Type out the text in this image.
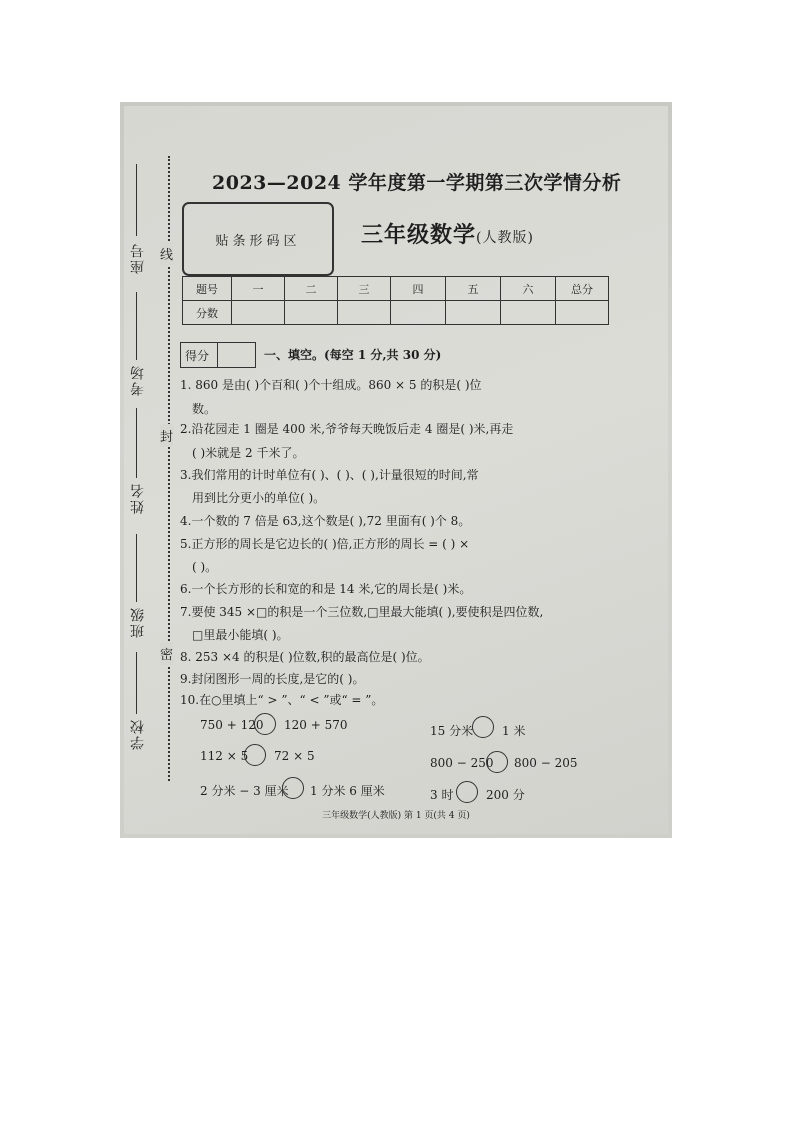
座号
考场
姓名
班级
学校
线
封
密
2023—2024 学年度第一学期第三次学情分析
贴条形码区	三年级数学(人教版)
题号	一	二	三	四	五	六	总分
分数							
得分	一、填空。(每空 1 分,共 30 分)
1. 860 是由( )个百和( )个十组成。860 × 5 的积是( )位
数。
2.沿花园走 1 圈是 400 米,爷爷每天晚饭后走 4 圈是( )米,再走
( )米就是 2 千米了。
3.我们常用的计时单位有( )、( )、( ),计量很短的时间,常
用到比分更小的单位( )。
4.一个数的 7 倍是 63,这个数是( ),72 里面有( )个 8。
5.正方形的周长是它边长的( )倍,正方形的周长 = ( ) ×
( )。
6.一个长方形的长和宽的和是 14 米,它的周长是( )米。
7.要使 345 ×□的积是一个三位数,□里最大能填( ),要使积是四位数,
□里最小能填( )。
8. 253 ×4 的积是( )位数,积的最高位是( )位。
9.封闭图形一周的长度,是它的( )。
10.在○里填上“ > ”、“ < ”或“ = ”。
750 + 120 120 + 570	15 分米 1 米
112 × 5 72 × 5	800 − 250 800 − 205
2 分米 − 3 厘米 1 分米 6 厘米	3 时	200 分
三年级数学(人教版) 第 1 页(共 4 页)
